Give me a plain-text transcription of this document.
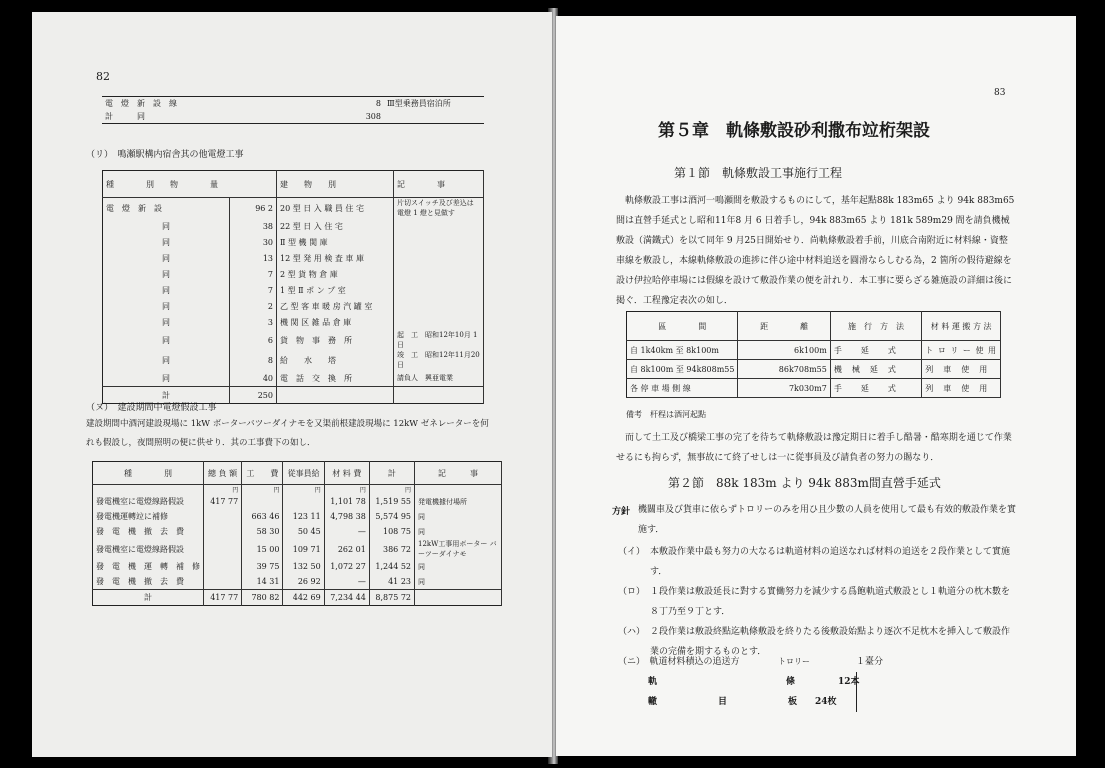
82
電　燈　新　設　線	8	Ⅲ型乗務員宿泊所
計　　　同	308	
（リ）　鳴瀬駅構内宿舎其の他電燈工事
種　　　　別　　物　　　　量		建　　物　　別	記　　　　事
電　燈　新　設	96 2	20 型 日 入 職 員 住 宅	片切スイッチ及び差込は電燈 1 燈と見做す
同	38	22 型 日 入 住 宅	
同	30	Ⅱ 型 機 関 庫	
同	13	12 型 発 用 検 査 車 庫	
同	7	2 型 貨 物 倉 庫	
同	7	1 型 Ⅱ ポ ン プ 室	
同	2	乙 型 客 車 暖 房 汽 罐 室	
同	3	機 関 区 雑 品 倉 庫	
同	6	貨　物　事　務　所	起　工　昭和12年10月 1 日
同	8	給　　水　　塔	竣　工　昭和12年11月20日
同	40	電　話　交　換　所	請負人　興亜電業
計	250		
（ヌ）　建設期間中電燈假設工事
建設期間中酒河建設現場に 1kW ボーターバツーダイナモを又渠前根建設現場に 12kW ゼネレーターを何れも假設し，夜間照明の便に供せり．其の工事費下の如し．
種　　　　別	總 負 額	工　　費	從事員給	材 料 費	計	記　　　事
	円	円	円	円	円	
發電機室に電燈線路假設	417 77			1,101 78	1,519 55	発電機據付場所
發電機運轉竝に補修		663 46	123 11	4,798 38	5,574 95	同
發　電　機　撤　去　費		58 30	50 45	—	108 75	同
發電機室に電燈線路假設		15 00	109 71	262 01	386 72	12kW工事用ボーター バーツーダイナモ
發　電　機　運　轉　補　修		39 75	132 50	1,072 27	1,244 52	同
發　電　機　撤　去　費		14 31	26 92	—	41 23	同
計	417 77	780 82	442 69	7,234 44	8,875 72	
83
第５章　軌條敷設砂利撒布竝桁架設
第１節　軌條敷設工事施行工程
軌條敷設工事は酒河一鳴瀬間を敷設するものにして，基年起點88k 183m65 より 94k 883m65 間は直營手延式とし昭和11年8 月 6 日着手し，94k 883m65 より 181k 589m29 間を請負機械敷設（満鐵式）を以て同年 9 月25日開始せり．尚軌條敷設着手前，川底合南附近に材料線・資整車線を敷設し，本線軌條敷設の進捗に伴ひ途中材料追送を圓滑ならしむる為，2 箇所の假待避線を設け伊拉哈停車場には假線を設けて敷設作業の便を計れり．本工事に要らざる雑施設の詳細は後に掲ぐ．工程豫定表次の如し．
區　　　　間	距　　　　離	施　行　方　法	材 料 運 搬 方 法
自 1k40km 至 8k100m	6k100m	手　　延　　式	ト ロ リ ー 使 用
自 8k100m 至 94k808m55	86k708m55	機　械　延　式	列　車　使　用
各 停 車 場 側 線	7k030m7	手　　延　　式	列　車　使　用
備考　杆程は酒河起點
而して土工及び橋梁工事の完了を待ちて軌條敷設は豫定期日に着手し酷暑・酷寒期を通じて作業せるにも拘らず，無事故にて終了せしは一に從事員及び請負者の努力の賜なり．
第２節　88k 183m より 94k 883m間直營手延式
方針 機關車及び貨車に依らずトロリーのみを用ひ且少數の人員を使用して最も有效的敷設作業を實施す．
（イ） 本敷設作業中最も努力の大なるは軌道材料の追送なれば材料の追送を２段作業として實施す．
（ロ） １段作業は敷設延長に對する實働努力を減少する爲飽軌道式敷設とし１軌道分の枕木數を８丁乃至９丁とす．
（ハ） ２段作業は敷設終點迄軌條敷設を終りたる後敷設始點より逐次不足枕木を挿入して敷設作業の完備を期するものとす．
（ニ）　軌道材料積込の追送方	トロリー	１臺分
軌	條	12本
轍	目	板　　24枚
